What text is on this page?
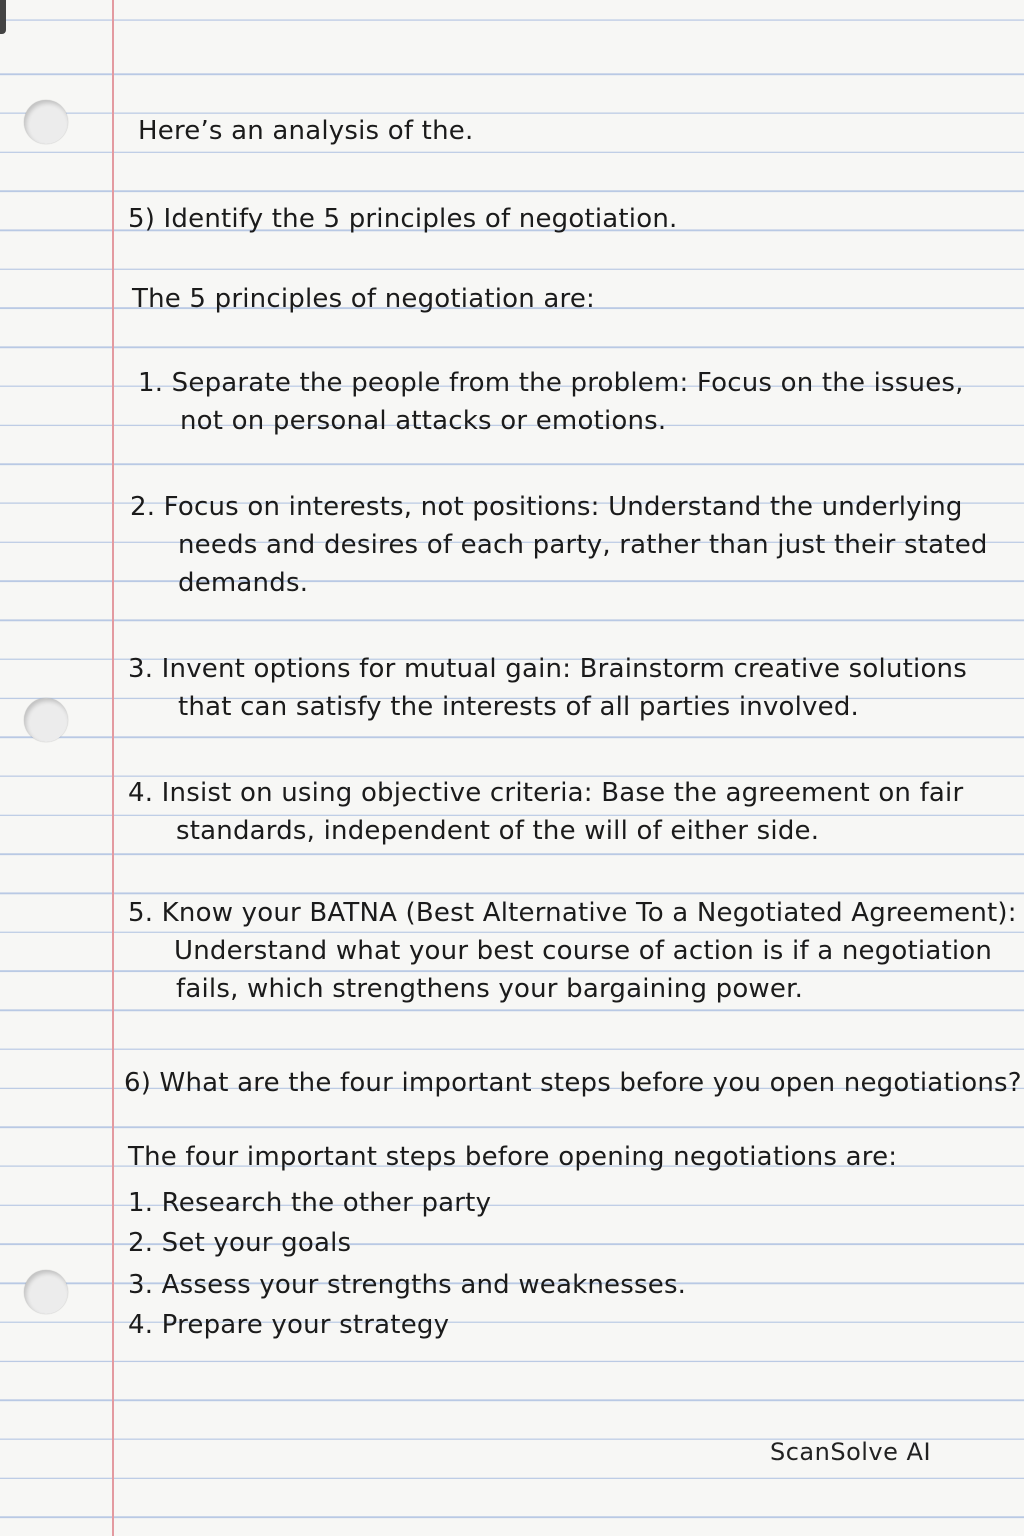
Here’s an analysis of the.
5) Identify the 5 principles of negotiation.
The 5 principles of negotiation are:
1. Separate the people from the problem: Focus on the issues,
not on personal attacks or emotions.
2. Focus on interests, not positions: Understand the underlying
needs and desires of each party, rather than just their stated
demands.
3. Invent options for mutual gain: Brainstorm creative solutions
that can satisfy the interests of all parties involved.
4. Insist on using objective criteria: Base the agreement on fair
standards, independent of the will of either side.
5. Know your BATNA (Best Alternative To a Negotiated Agreement):
Understand what your best course of action is if a negotiation
fails, which strengthens your bargaining power.
6) What are the four important steps before you open negotiations?
The four important steps before opening negotiations are:
1. Research the other party
2. Set your goals
3. Assess your strengths and weaknesses.
4. Prepare your strategy
ScanSolve AI
